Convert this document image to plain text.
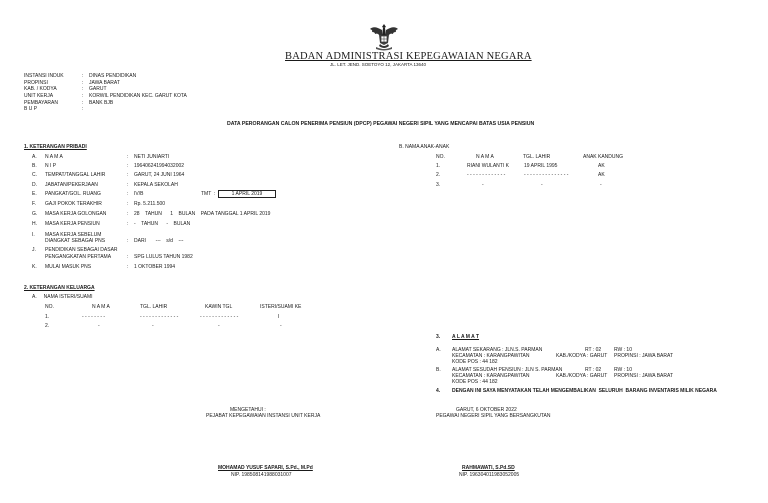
BADAN ADMINISTRASI KEPEGAWAIAN NEGARA
JL. LET. JEND. SOETOYO 12, JAKARTA 13640
INSTANSI INDUK	: DINAS PENDIDIKAN
PROPINSI	: JAWA BARAT
KAB. / KODYA	: GARUT
UNIT KERJA	: KORWIL PENDIDIKAN KEC. GARUT KOTA
PEMBAYARAN	: BANK BJB
B U P	:
DATA PERORANGAN CALON PENERIMA PENSIUN (DPCP) PEGAWAI NEGERI SIPIL YANG MENCAPAI BATAS USIA PENSIUN
1. KETERANGAN PRIBADI
A. N A M A	: NETI JUNIARTI
B. N I P	: 196406241994032002
C. TEMPAT/TANGGAL LAHIR	: GARUT, 24 JUNI 1964
D. JABATAN/PEKERJAAN	: KEPALA SEKOLAH
E. PANGKAT/GOL. RUANG	: IV/B	TMT :	1 APRIL 2019
F. GAJI POKOK TERAKHIR	: Rp. 5.211.500
G. MASA KERJA GOLONGAN	: 28    TAHUN      1    BULAN    PADA TANGGAL 1 APRIL 2019
H. MASA KERJA PENSIUN	: -    TAHUN      -    BULAN
I. MASA KERJA SEBELUM
DIANGKAT SEBAGAI PNS	: DARI       ---    s/d    ---
J. PENDIDIKAN SEBAGAI DASAR
PENGANGKATAN PERTAMA	: SPG LULUS TAHUN 1982
K. MULAI MASUK PNS	: 1 OKTOBER 1994
B. NAMA ANAK-ANAK
NO.	N A M A	TGL. LAHIR	ANAK KANDUNG
1.	RIANI WULANTI K	19 APRIL 1995	AK
2.	- - - - - - - - - - - - -	- - - - - - - - - - - - - - -	AK
3.	-	-	-
2. KETERANGAN KELUARGA
A.     NAMA ISTERI/SUAMI
NO.	N A M A	TGL. LAHIR	KAWIN TGL	ISTERI/SUAMI KE
1.	- - - - - - - -	- - - - - - - - - - - - -	- - - - - - - - - - - - -	I
2.	-	-	-	-
3. A L A M A T
A. ALAMAT SEKARANG : JLN.S. PARMAN	RT : 02	RW : 10
KECAMATAN : KARANGPAWITAN	KAB./KODYA : GARUT PROPINSI : JAWA BARAT
KODE POS : 44 182
B. ALAMAT SESUDAH PENSIUN : JLN S. PARMAN	RT : 02	RW : 10
KECAMATAN : KARANGPAWITAN	KAB./KODYA : GARUT PROPINSI : JAWA BARAT
KODE POS : 44 182
4. DENGAN INI SAYA MENYATAKAN TELAH MENGEMBALIKAN  SELURUH  BARANG INVENTARIS MILIK NEGARA
MENGETAHUI :
PEJABAT KEPEGAWAIAN INSTANSI UNIT KERJA
MOHAMAD YUSUF SAPARI, S.Pd., M.Pd
NIP. 198508141988031007
GARUT, 6 OKTOBER 2022
PEGAWAI NEGERI SIPIL YANG BERSANGKUTAN
RAHMAWATI, S.Pd.SD
NIP. 196304011983052005
